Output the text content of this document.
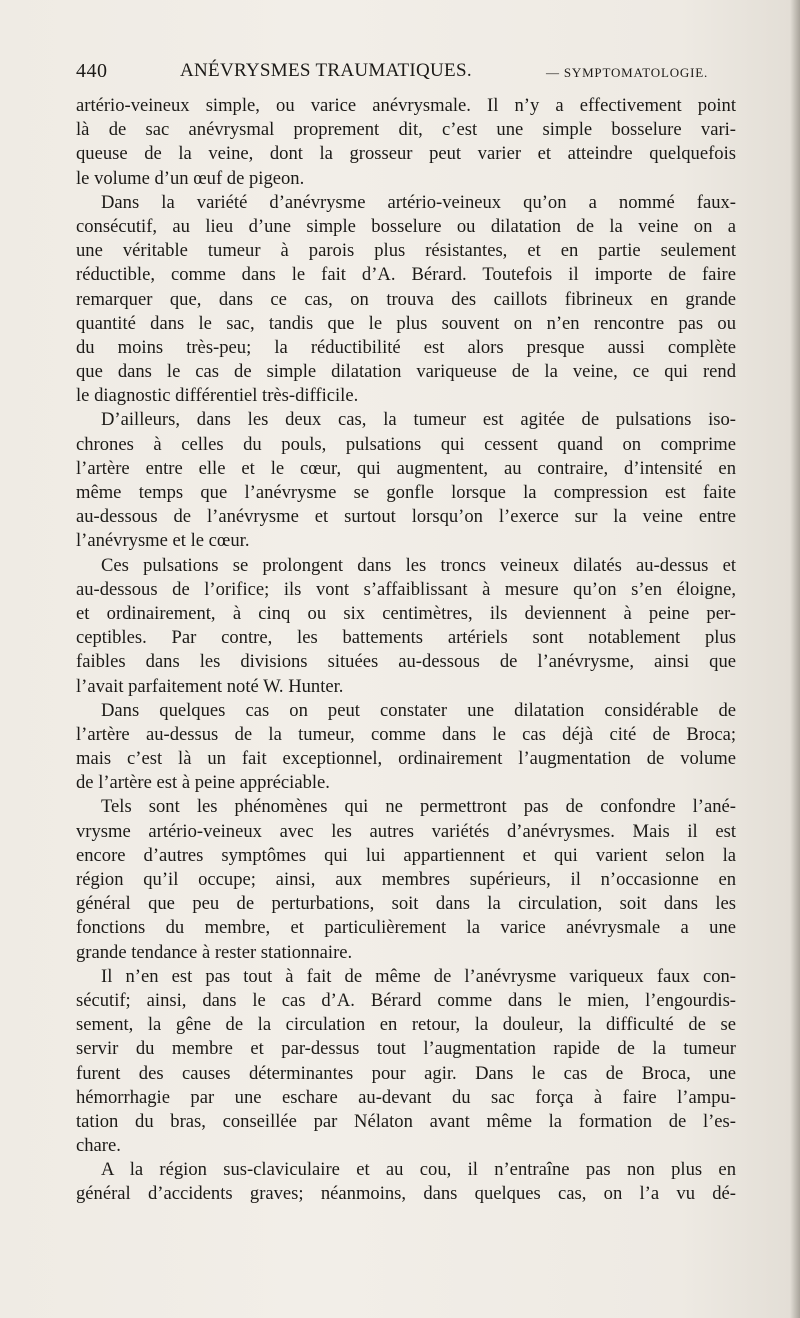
440	ANÉVRYSMES TRAUMATIQUES.	— SYMPTOMATOLOGIE.
artério-veineux simple, ou varice anévrysmale. Il n’y a effectivement point
là de sac anévrysmal proprement dit, c’est une simple bosselure vari-
queuse de la veine, dont la grosseur peut varier et atteindre quelquefois
le volume d’un œuf de pigeon.
Dans la variété d’anévrysme artério-veineux qu’on a nommé faux-
consécutif, au lieu d’une simple bosselure ou dilatation de la veine on a
une véritable tumeur à parois plus résistantes, et en partie seulement
réductible, comme dans le fait d’A. Bérard. Toutefois il importe de faire
remarquer que, dans ce cas, on trouva des caillots fibrineux en grande
quantité dans le sac, tandis que le plus souvent on n’en rencontre pas ou
du moins très-peu; la réductibilité est alors presque aussi complète
que dans le cas de simple dilatation variqueuse de la veine, ce qui rend
le diagnostic différentiel très-difficile.
D’ailleurs, dans les deux cas, la tumeur est agitée de pulsations iso-
chrones à celles du pouls, pulsations qui cessent quand on comprime
l’artère entre elle et le cœur, qui augmentent, au contraire, d’intensité en
même temps que l’anévrysme se gonfle lorsque la compression est faite
au-dessous de l’anévrysme et surtout lorsqu’on l’exerce sur la veine entre
l’anévrysme et le cœur.
Ces pulsations se prolongent dans les troncs veineux dilatés au-dessus et
au-dessous de l’orifice; ils vont s’affaiblissant à mesure qu’on s’en éloigne,
et ordinairement, à cinq ou six centimètres, ils deviennent à peine per-
ceptibles. Par contre, les battements artériels sont notablement plus
faibles dans les divisions situées au-dessous de l’anévrysme, ainsi que
l’avait parfaitement noté W. Hunter.
Dans quelques cas on peut constater une dilatation considérable de
l’artère au-dessus de la tumeur, comme dans le cas déjà cité de Broca;
mais c’est là un fait exceptionnel, ordinairement l’augmentation de volume
de l’artère est à peine appréciable.
Tels sont les phénomènes qui ne permettront pas de confondre l’ané-
vrysme artério-veineux avec les autres variétés d’anévrysmes. Mais il est
encore d’autres symptômes qui lui appartiennent et qui varient selon la
région qu’il occupe; ainsi, aux membres supérieurs, il n’occasionne en
général que peu de perturbations, soit dans la circulation, soit dans les
fonctions du membre, et particulièrement la varice anévrysmale a une
grande tendance à rester stationnaire.
Il n’en est pas tout à fait de même de l’anévrysme variqueux faux con-
sécutif; ainsi, dans le cas d’A. Bérard comme dans le mien, l’engourdis-
sement, la gêne de la circulation en retour, la douleur, la difficulté de se
servir du membre et par-dessus tout l’augmentation rapide de la tumeur
furent des causes déterminantes pour agir. Dans le cas de Broca, une
hémorrhagie par une eschare au-devant du sac força à faire l’ampu-
tation du bras, conseillée par Nélaton avant même la formation de l’es-
chare.
A la région sus-claviculaire et au cou, il n’entraîne pas non plus en
général d’accidents graves; néanmoins, dans quelques cas, on l’a vu dé-
